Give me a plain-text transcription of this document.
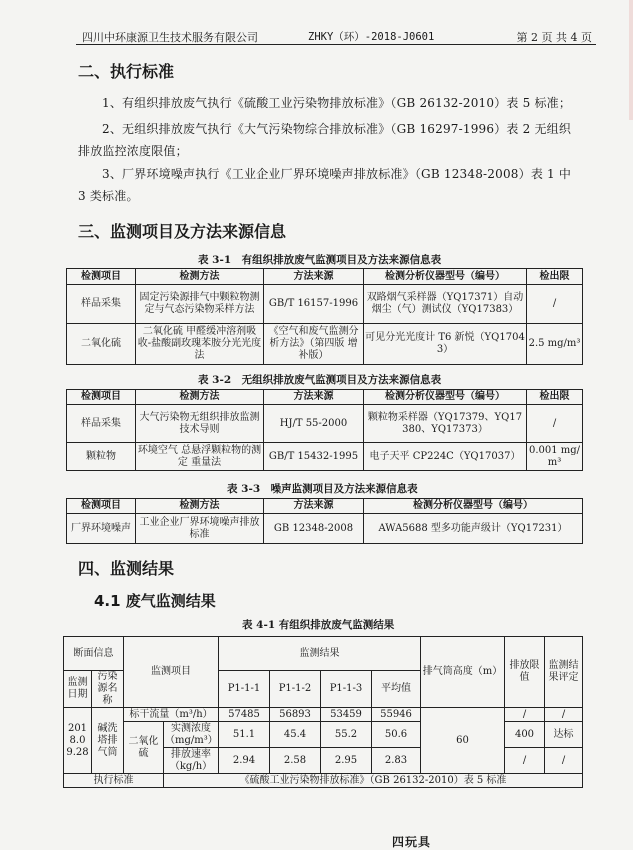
四川中环康源卫生技术服务有限公司	ZHKY（环）-2018-J0601	第 2 页 共 4 页
二、执行标准

1、有组织排放废气执行《硫酸工业污染物排放标准》（GB 26132-2010）表 5 标准；

2、无组织排放废气执行《大气污染物综合排放标准》（GB 16297-1996）表 2 无组织排放监控浓度限值；

3、厂界环境噪声执行《工业企业厂界环境噪声排放标准》（GB 12348-2008）表 1 中 3 类标准。

三、监测项目及方法来源信息
表 3-1　有组织排放废气监测项目及方法来源信息表
检测项目	检测方法	方法来源	检测分析仪器型号（编号）	检出限
样品采集	固定污染源排气中颗粒物测定与气态污染物采样方法	GB/T 16157-1996	双路烟气采样器（YQ17371）自动烟尘（气）测试仪（YQ17383）	/
二氧化硫	二氧化硫 甲醛缓冲溶剂吸收-盐酸副玫瑰苯胺分光光度法	《空气和废气监测分析方法》（第四版 增补版）	可见分光光度计 T6 新悦（YQ17043）	2.5 mg/m³
表 3-2　无组织排放废气监测项目及方法来源信息表
检测项目	检测方法	方法来源	检测分析仪器型号（编号）	检出限
样品采集	大气污染物无组织排放监测技术导则	HJ/T 55-2000	颗粒物采样器（YQ17379、YQ17380、YQ17373）	/
颗粒物	环境空气 总悬浮颗粒物的测定 重量法	GB/T 15432-1995	电子天平 CP224C（YQ17037）	0.001 mg/m³
表 3-3　噪声监测项目及方法来源信息表
检测项目	检测方法	方法来源	检测分析仪器型号（编号）
厂界环境噪声	工业企业厂界环境噪声排放标准	GB 12348-2008	AWA5688 型多功能声级计（YQ17231）
四、监测结果
4.1 废气监测结果
表 4-1 有组织排放废气监测结果
断面信息		监测项目		监测结果				排气筒高度（m）	排放限值	监测结果评定
监测日期	污染源名称			P1-1-1	P1-1-2	P1-1-3	平均值			
2018.09.28	碱洗塔排气筒	标干流量（m³/h）		57485	56893	53459	55946	60	/	/
		二氧化硫	实测浓度（mg/m³）	51.1	45.4	55.2	50.6		400	达标
			排放速率（kg/h）	2.94	2.58	2.95	2.83		/	/
执行标准			《硫酸工业污染物排放标准》（GB 26132-2010）表 5 标准							
四玩具
